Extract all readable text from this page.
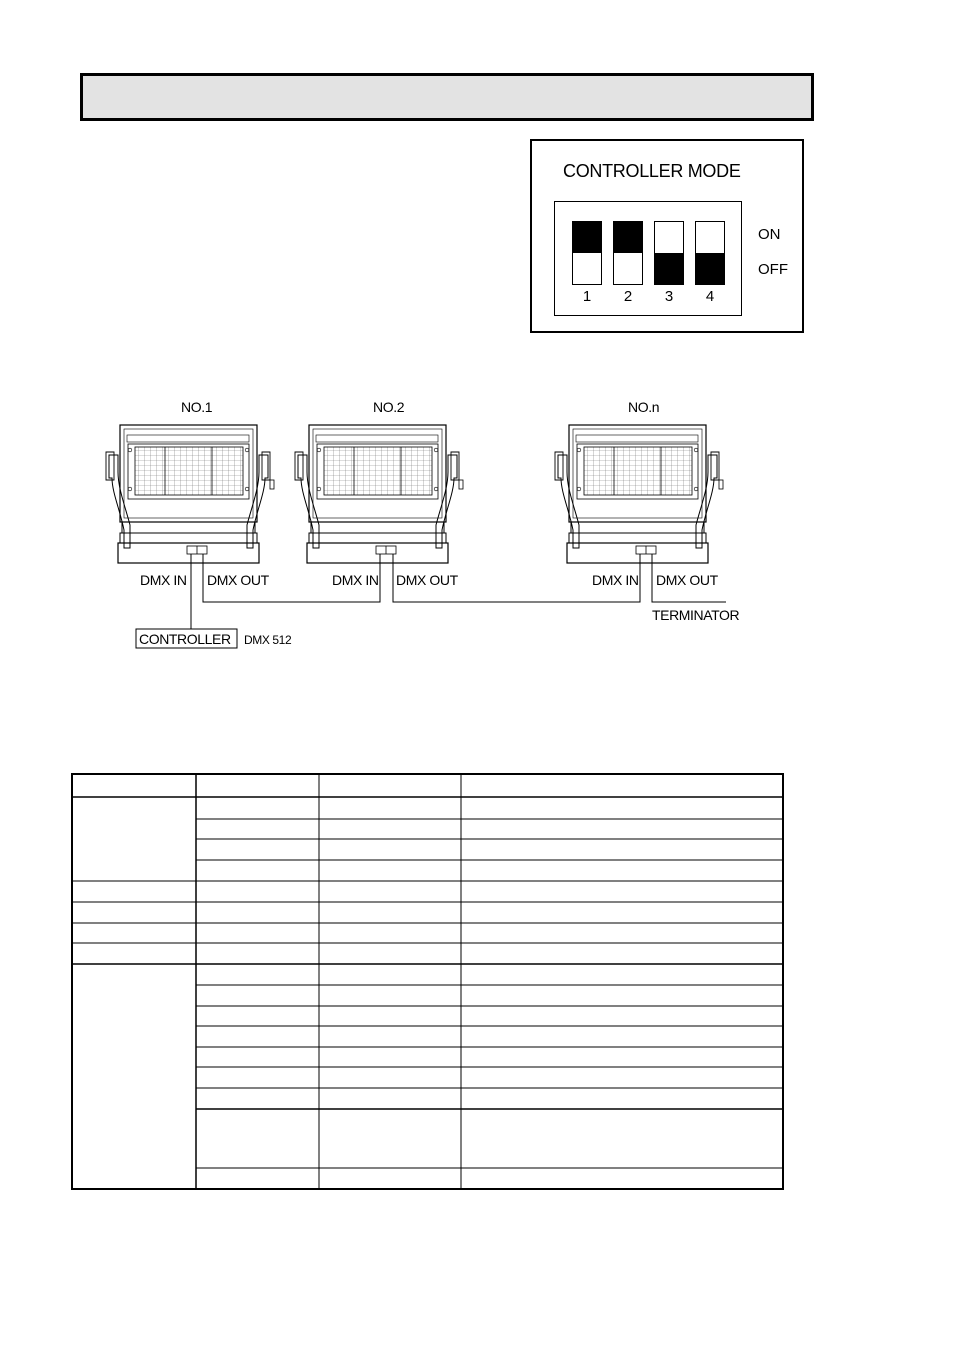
CONTROLLER MODE
1	2	3	4
ON
OFF
NO.1	NO.2	NO.n
DMX IN DMX OUT	DMX IN DMX OUT	DMX IN DMX OUT
CONTROLLER DMX 512
TERMINATOR
